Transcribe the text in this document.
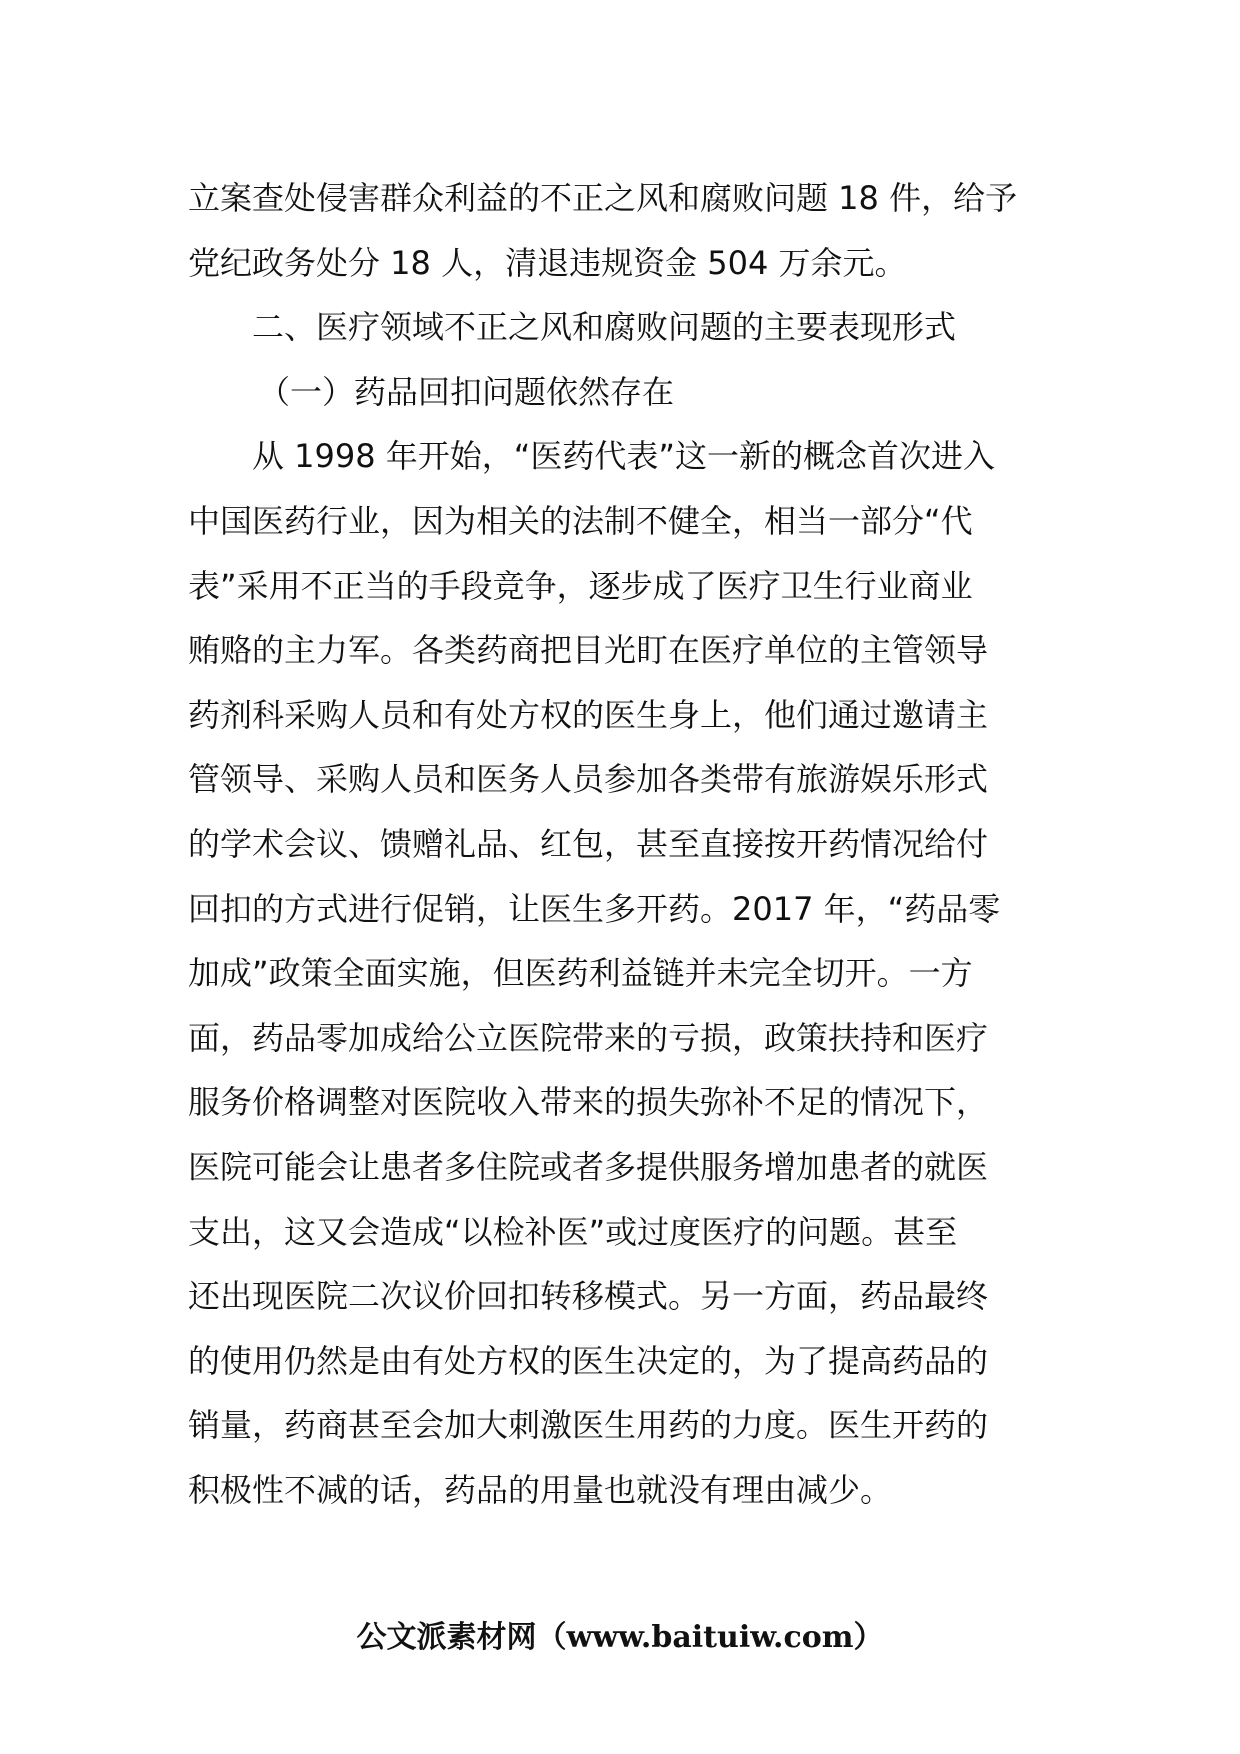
立案查处侵害群众利益的不正之风和腐败问题 18 件，给予
党纪政务处分 18 人，清退违规资金 504 万余元。
二、医疗领域不正之风和腐败问题的主要表现形式
（一）药品回扣问题依然存在
从 1998 年开始，“医药代表”这一新的概念首次进入
中国医药行业，因为相关的法制不健全，相当一部分“代
表”采用不正当的手段竞争，逐步成了医疗卫生行业商业
贿赂的主力军。各类药商把目光盯在医疗单位的主管领导
药剂科采购人员和有处方权的医生身上，他们通过邀请主
管领导、采购人员和医务人员参加各类带有旅游娱乐形式
的学术会议、馈赠礼品、红包，甚至直接按开药情况给付
回扣的方式进行促销，让医生多开药。2017 年，“药品零
加成”政策全面实施，但医药利益链并未完全切开。一方
面，药品零加成给公立医院带来的亏损，政策扶持和医疗
服务价格调整对医院收入带来的损失弥补不足的情况下，
医院可能会让患者多住院或者多提供服务增加患者的就医
支出，这又会造成“以检补医”或过度医疗的问题。甚至
还出现医院二次议价回扣转移模式。另一方面，药品最终
的使用仍然是由有处方权的医生决定的，为了提高药品的
销量，药商甚至会加大刺激医生用药的力度。医生开药的
积极性不减的话，药品的用量也就没有理由减少。
公文派素材网（www.baituiw.com）
